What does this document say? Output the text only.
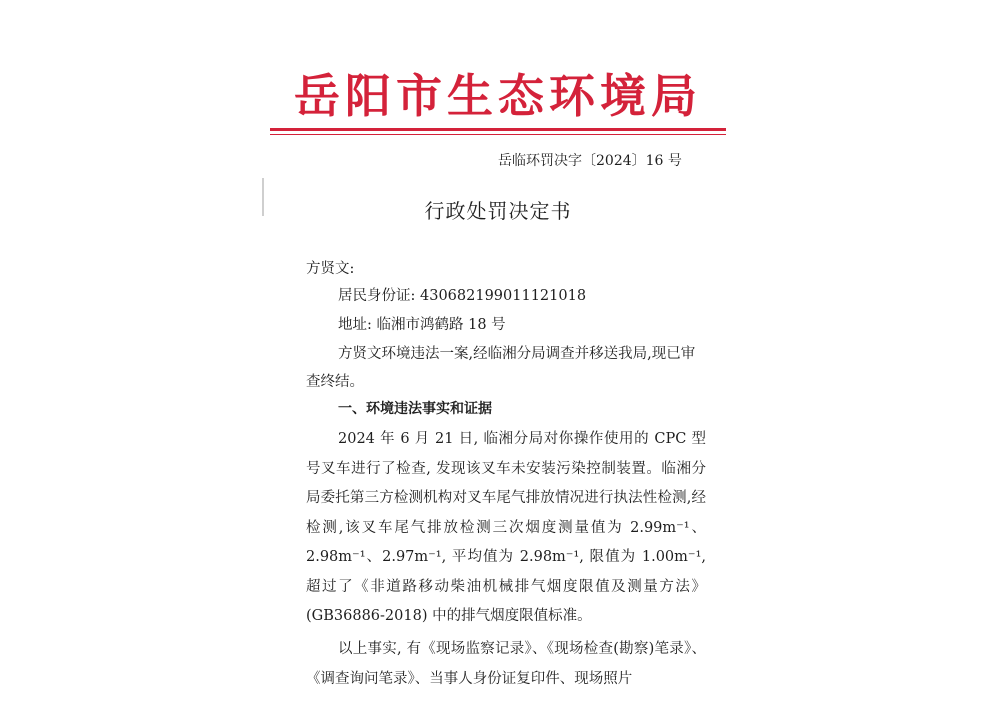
岳阳市生态环境局
岳临环罚决字〔2024〕16 号
行政处罚决定书
方贤文:
居民身份证: 430682199011121018
地址: 临湘市鸿鹤路 18 号
方贤文环境违法一案,经临湘分局调查并移送我局,现已审查终结。
一、环境违法事实和证据
2024 年 6 月 21 日, 临湘分局对你操作使用的 CPC 型号叉车进行了检查, 发现该叉车未安装污染控制装置。临湘分局委托第三方检测机构对叉车尾气排放情况进行执法性检测,经检测,该叉车尾气排放检测三次烟度测量值为 2.99m⁻¹、2.98m⁻¹、2.97m⁻¹, 平均值为 2.98m⁻¹, 限值为 1.00m⁻¹, 超过了《非道路移动柴油机械排气烟度限值及测量方法》(GB36886-2018) 中的排气烟度限值标准。
以上事实, 有《现场监察记录》、《现场检查(勘察)笔录》、《调查询问笔录》、当事人身份证复印件、现场照片
